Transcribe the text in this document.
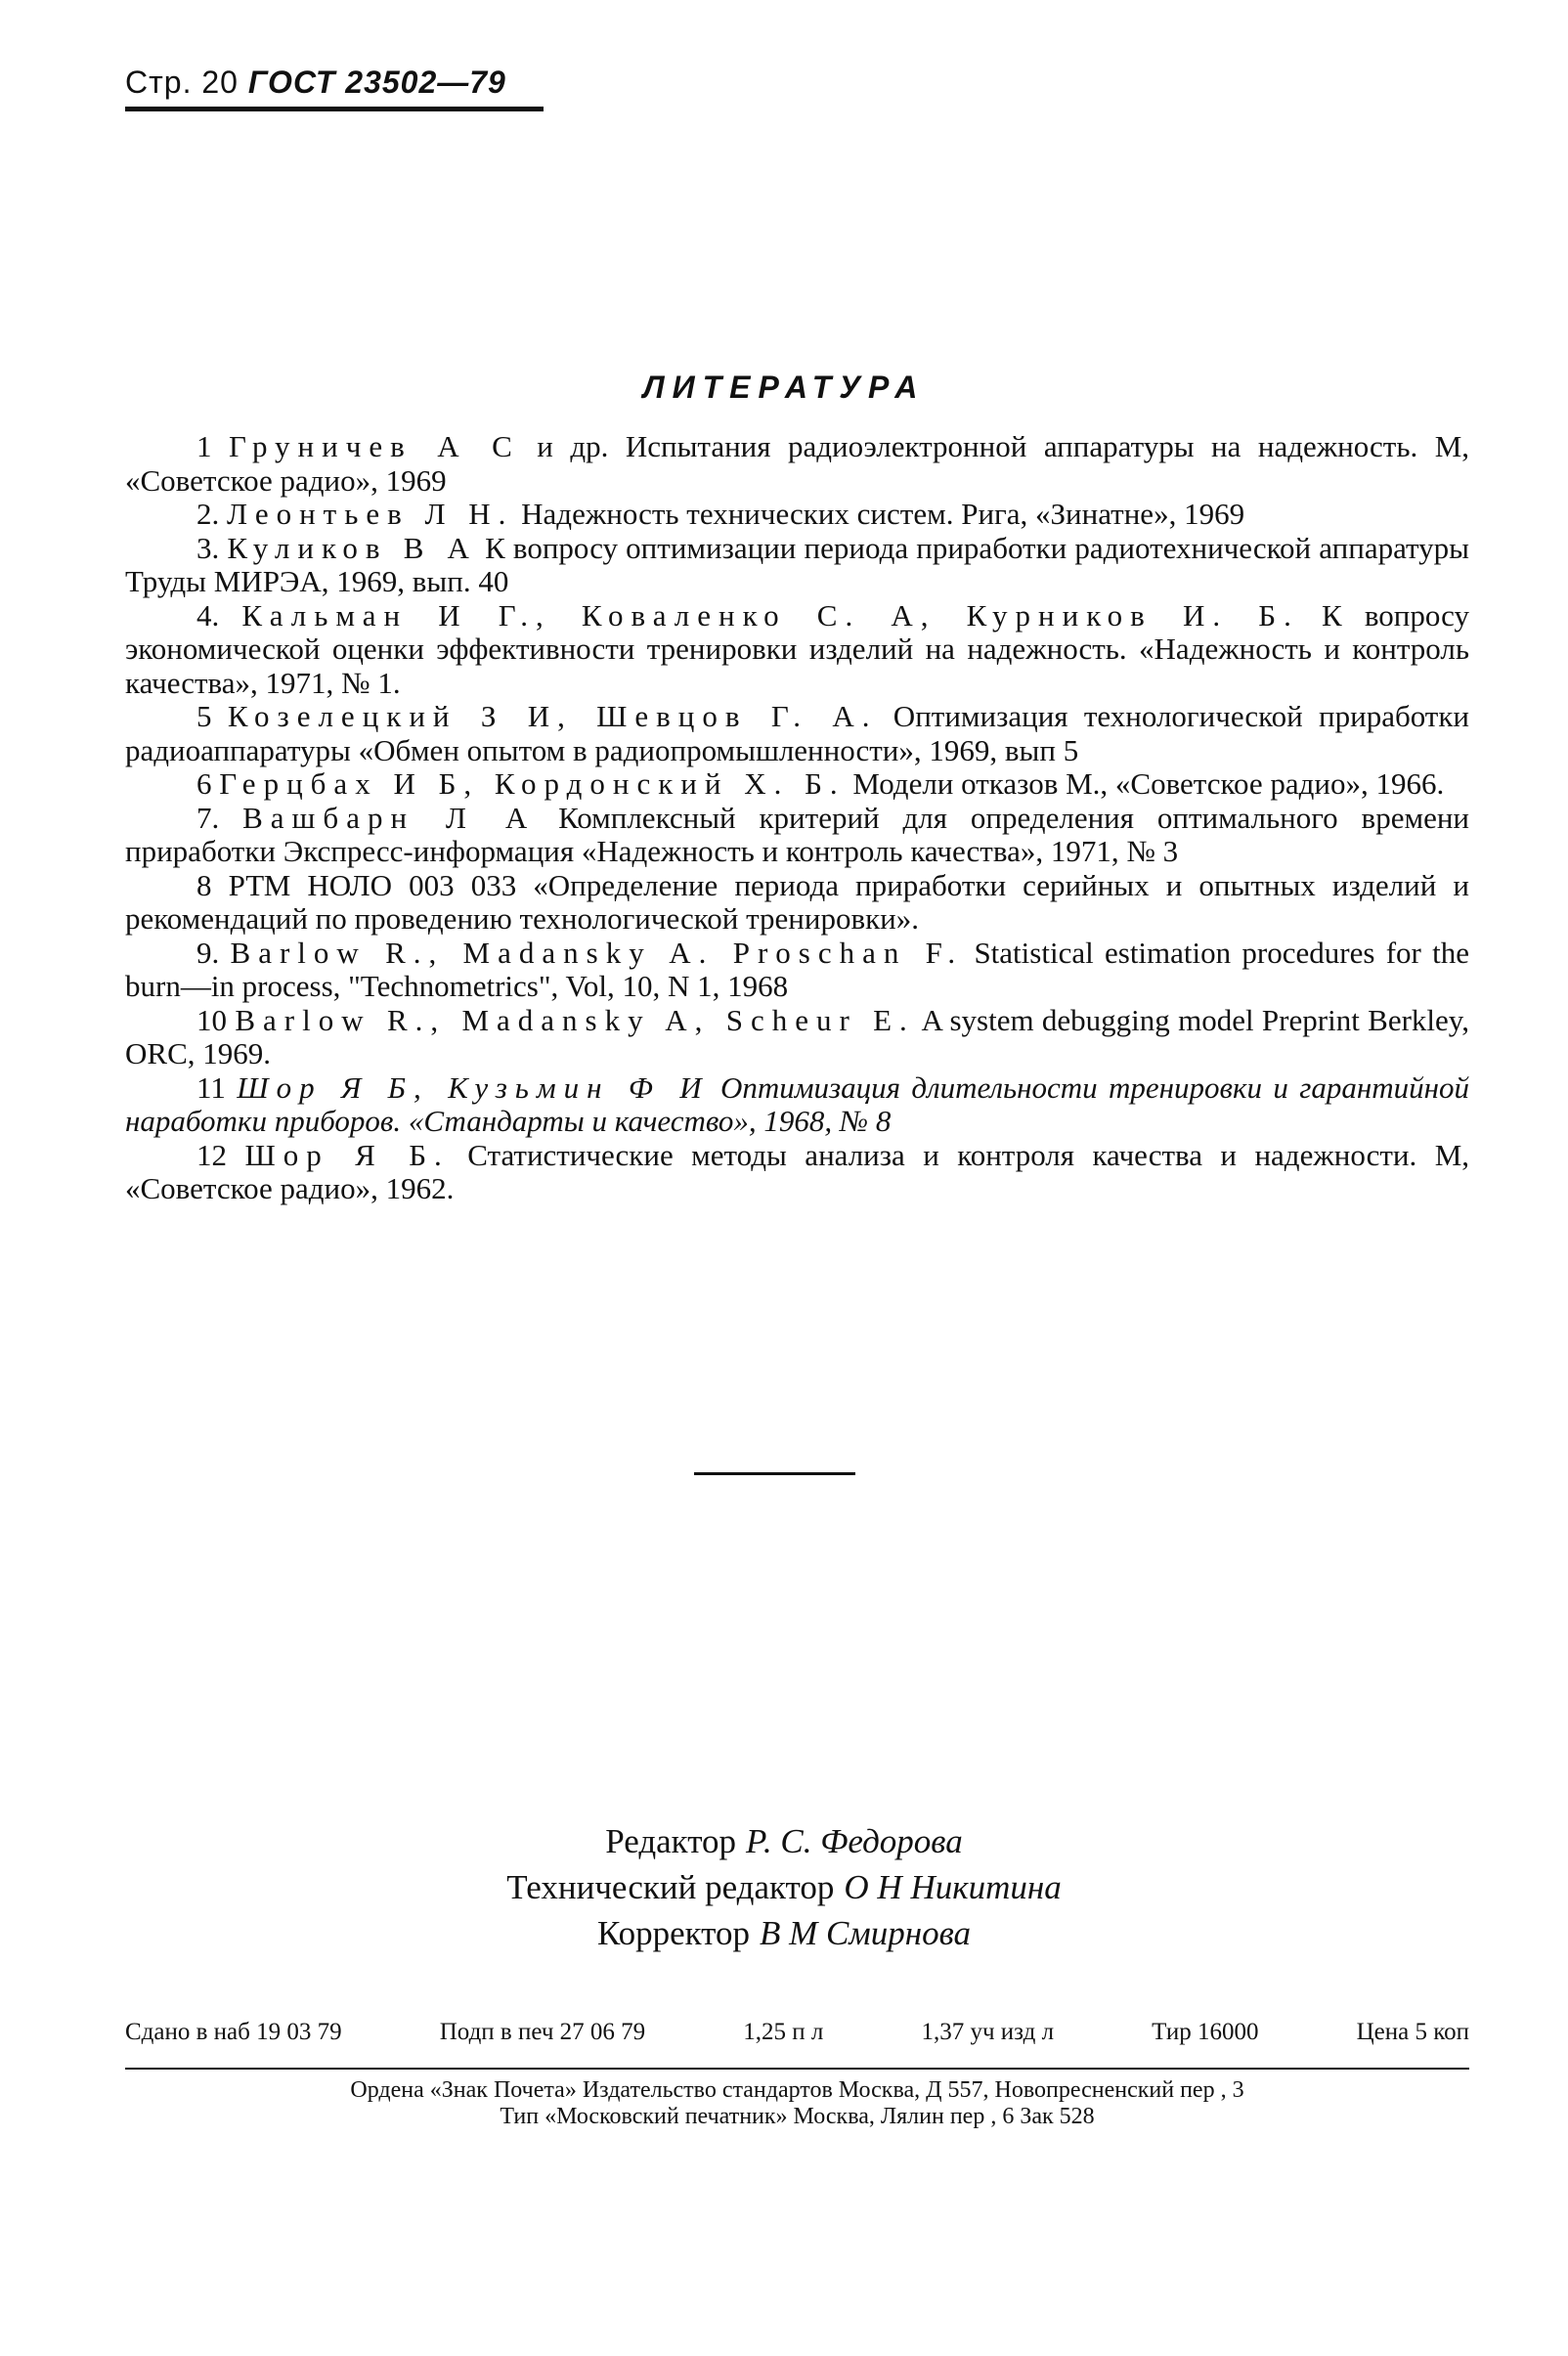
Стр. 20 ГОСТ 23502—79
ЛИТЕРАТУРА

1 Груничев А С и др. Испытания радиоэлектронной аппаратуры на надежность. М, «Советское радио», 1969

2. Леонтьев Л Н. Надежность технических систем. Рига, «Зинатне», 1969

3. Куликов В А К вопросу оптимизации периода приработки радиотехнической аппаратуры Труды МИРЭА, 1969, вып. 40

4. Кальман И Г., Коваленко С. А, Курников И. Б. К вопросу экономической оценки эффективности тренировки изделий на надежность. «Надежность и контроль качества», 1971, № 1.

5 Козелецкий З И, Шевцов Г. А. Оптимизация технологической приработки радиоаппаратуры «Обмен опытом в радиопромышленности», 1969, вып 5

6 Герцбах И Б, Кордонский Х. Б. Модели отказов М., «Советское радио», 1966.

7. Вашбарн Л А Комплексный критерий для определения оптимального времени приработки Экспресс-информация «Надежность и контроль качества», 1971, № 3

8 РТМ НОЛО 003 033 «Определение периода приработки серийных и опытных изделий и рекомендаций по проведению технологической тренировки».

9. Barlow R., Madansky A. Proschan F. Statistical estimation procedures for the burn—in process, "Technometrics", Vol, 10, N 1, 1968

10 Barlow R., Madansky A, Scheur E. A system debugging model Preprint Berkley, ORC, 1969.

11 Шор Я Б, Кузьмин Ф И Оптимизация длительности тренировки и гарантийной наработки приборов. «Стандарты и качество», 1968, № 8

12 Шор Я Б. Статистические методы анализа и контроля качества и надежности. М, «Советское радио», 1962.

Редактор Р. С. Федорова
Технический редактор О Н Никитина
Корректор В М Смирнова
Сдано в наб 19 03 79	Подп в печ 27 06 79	1,25 п л	1,37 уч изд л	Тир 16000	Цена 5 коп
Ордена «Знак Почета» Издательство стандартов Москва, Д 557, Новопресненский пер , 3
Тип «Московский печатник» Москва, Лялин пер , 6 Зак 528
